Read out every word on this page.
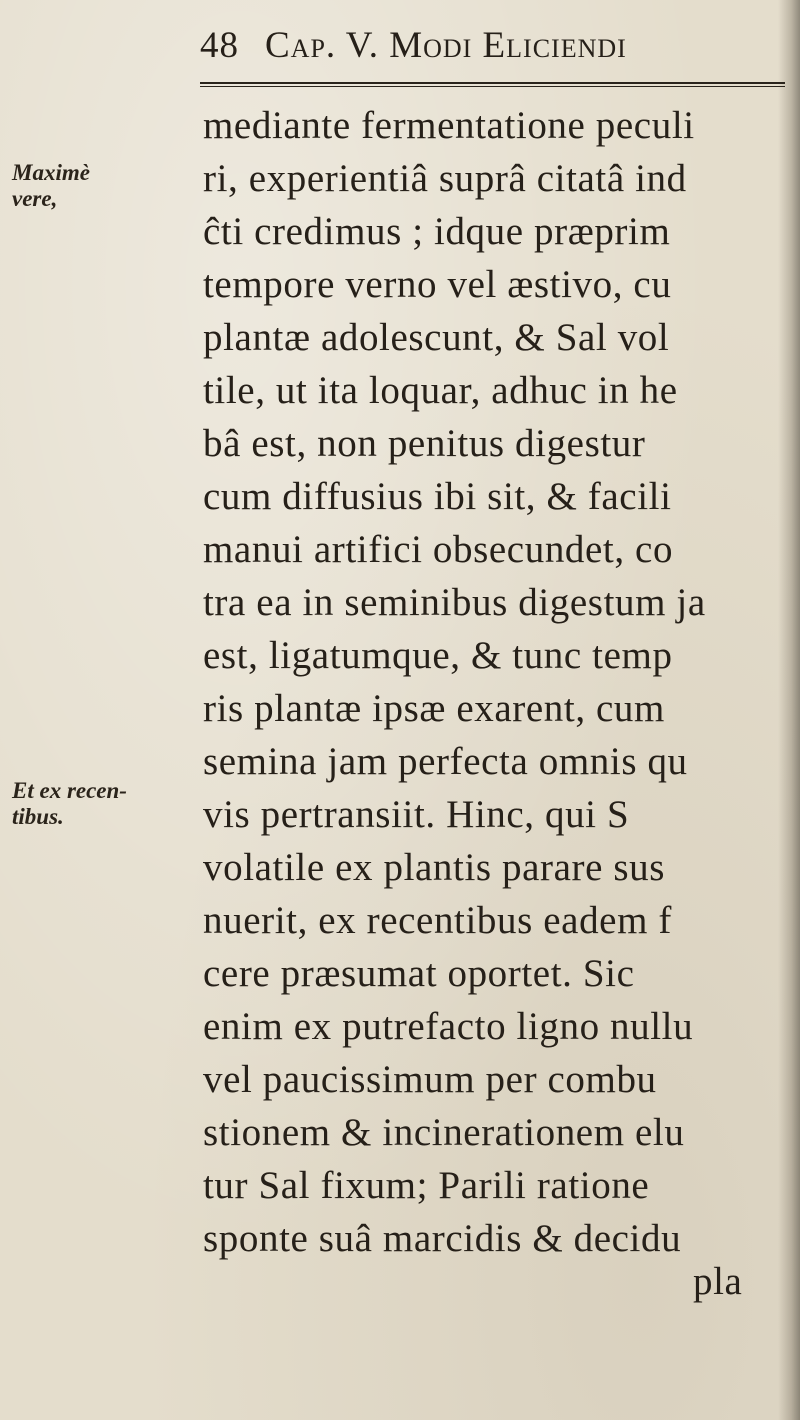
48 Cap. V. Modi Eliciendi
Maximè
vere,
Et ex recen-
tibus.
mediante fermentatione peculi
ri, experientiâ suprâ citatâ ind
ĉti credimus ; idque præprim
tempore verno vel æstivo, cu
plantæ adolescunt, & Sal vol
tile, ut ita loquar, adhuc in he
bâ est, non penitus digestur
cum diffusius ibi sit, & facili
manui artifici obsecundet, co
tra ea in seminibus digestum ja
est, ligatumque, & tunc temp
ris plantæ ipsæ exarent, cum
semina jam perfecta omnis qu
vis pertransiit. Hinc, qui S
volatile ex plantis parare sus
nuerit, ex recentibus eadem f
cere præsumat oportet. Sic
enim ex putrefacto ligno nullu
vel paucissimum per combu
stionem & incinerationem elu
tur Sal fixum; Parili ratione
sponte suâ marcidis & decidu
pla
